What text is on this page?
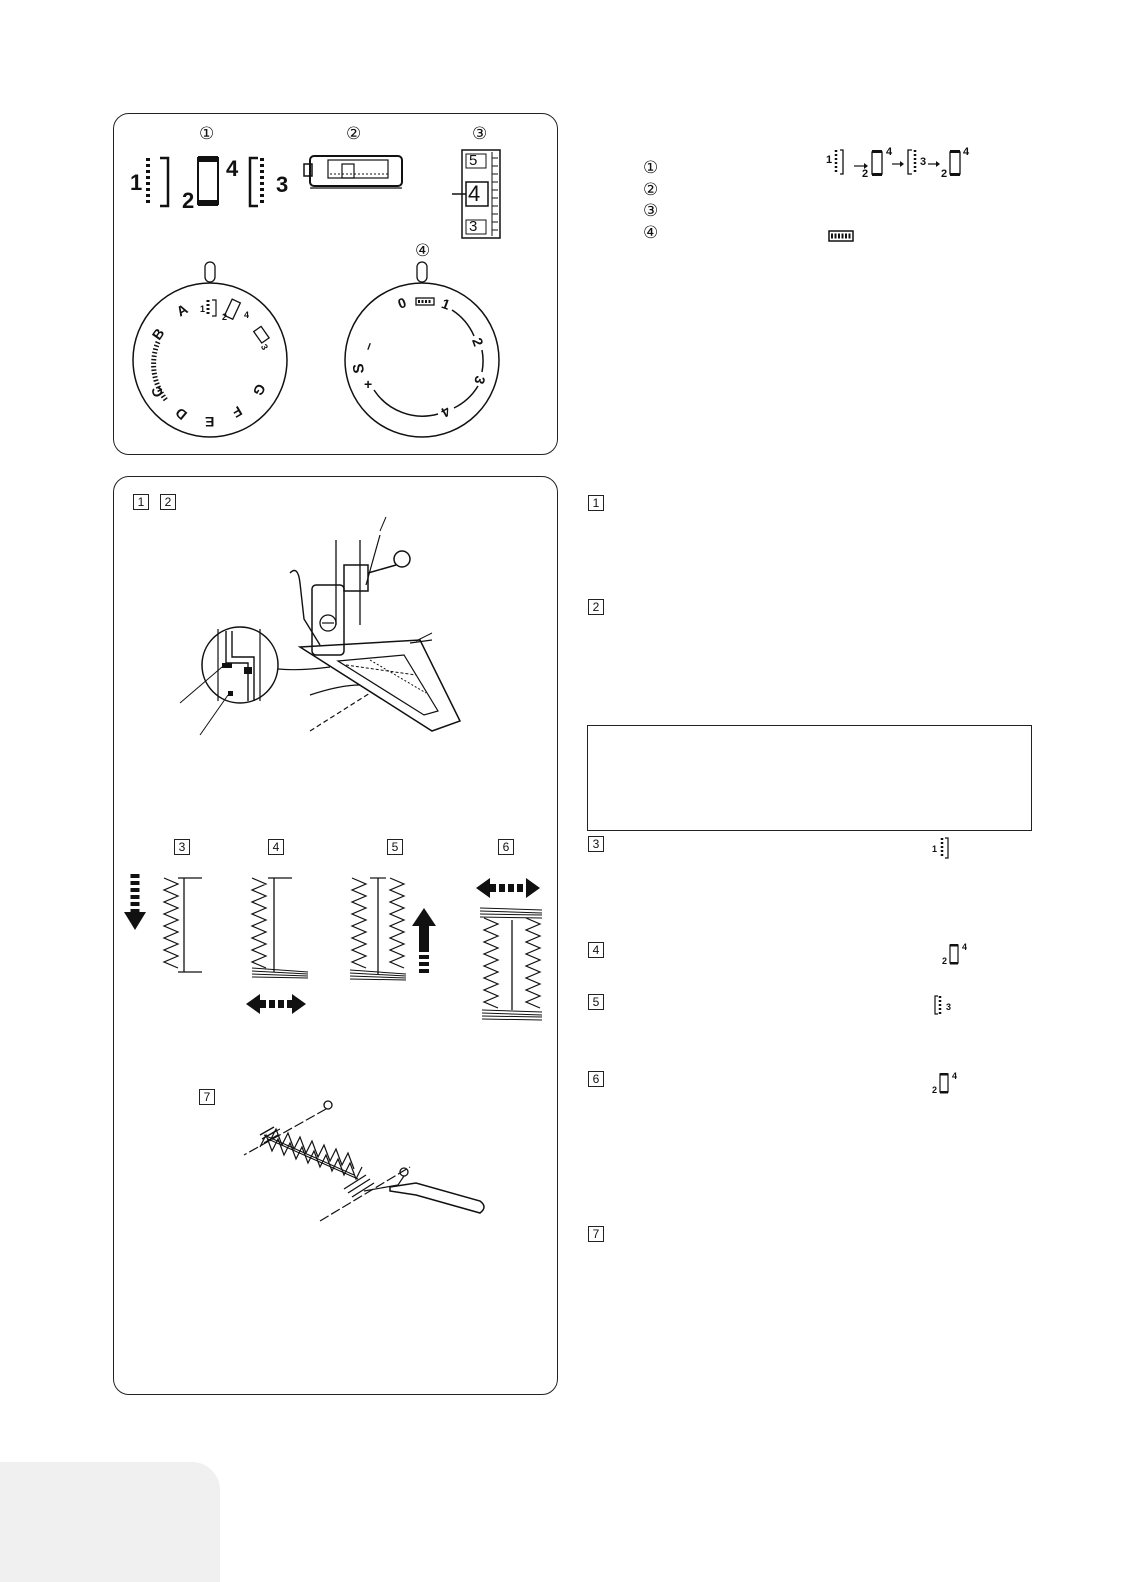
①	②	③
④
1
2
4
3
5
4
3
A
B
C
D E
F
G
1
2 4
3
0 1
2
3
4
S
–
+
①
②
③
④
1
2
4
3
2
4
1	2
3	4	5	6
7
1
2
3	1
4
2
4
5	3
6
2
4
7
